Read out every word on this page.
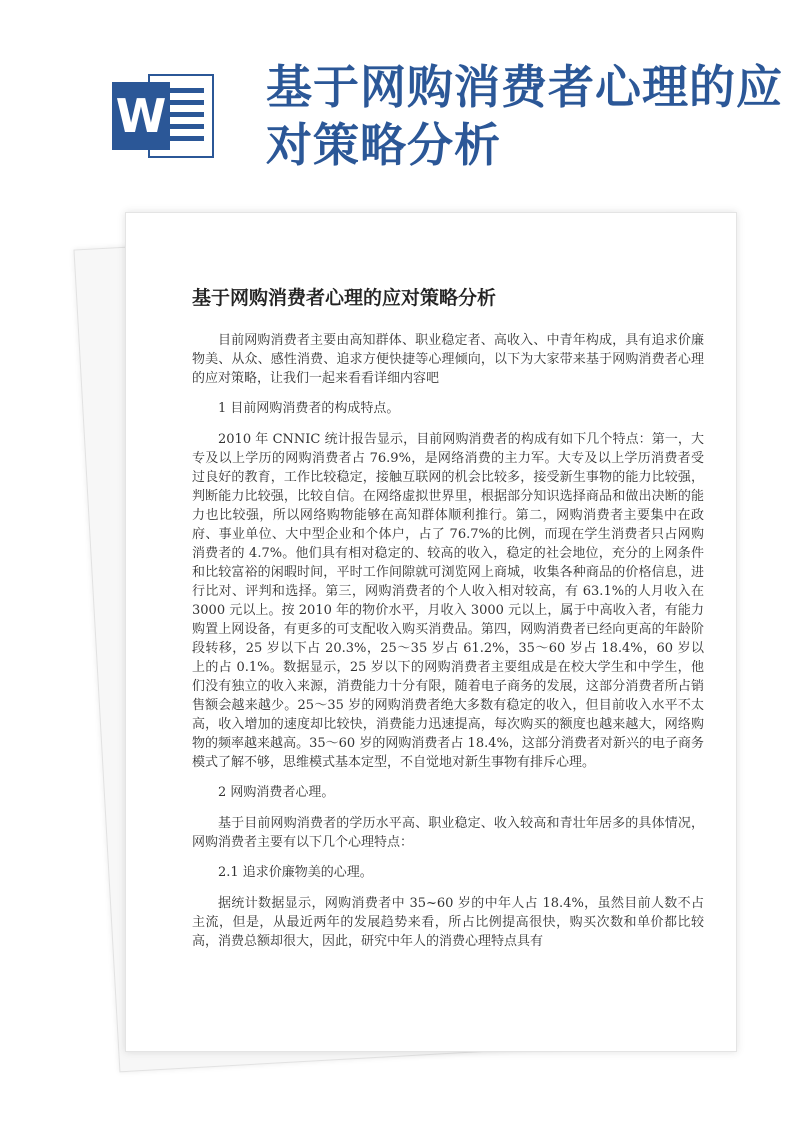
W
基于网购消费者心理的应对策略分析
基于网购消费者心理的应对策略分析

目前网购消费者主要由高知群体、职业稳定者、高收入、中青年构成，具有追求价廉物美、从众、感性消费、追求方便快捷等心理倾向，以下为大家带来基于网购消费者心理的应对策略，让我们一起来看看详细内容吧

1 目前网购消费者的构成特点。

2010 年 CNNIC 统计报告显示，目前网购消费者的构成有如下几个特点：第一，大专及以上学历的网购消费者占 76.9%，是网络消费的主力军。大专及以上学历消费者受过良好的教育，工作比较稳定，接触互联网的机会比较多，接受新生事物的能力比较强，判断能力比较强，比较自信。在网络虚拟世界里，根据部分知识选择商品和做出决断的能力也比较强，所以网络购物能够在高知群体顺利推行。第二，网购消费者主要集中在政府、事业单位、大中型企业和个体户，占了 76.7%的比例，而现在学生消费者只占网购消费者的 4.7%。他们具有相对稳定的、较高的收入，稳定的社会地位，充分的上网条件和比较富裕的闲暇时间，平时工作间隙就可浏览网上商城，收集各种商品的价格信息，进行比对、评判和选择。第三，网购消费者的个人收入相对较高，有 63.1%的人月收入在 3000 元以上。按 2010 年的物价水平，月收入 3000 元以上，属于中高收入者，有能力购置上网设备，有更多的可支配收入购买消费品。第四，网购消费者已经向更高的年龄阶段转移，25 岁以下占 20.3%，25～35 岁占 61.2%，35～60 岁占 18.4%，60 岁以上的占 0.1%。数据显示，25 岁以下的网购消费者主要组成是在校大学生和中学生，他们没有独立的收入来源，消费能力十分有限，随着电子商务的发展，这部分消费者所占销售额会越来越少。25～35 岁的网购消费者绝大多数有稳定的收入，但目前收入水平不太高，收入增加的速度却比较快，消费能力迅速提高，每次购买的额度也越来越大，网络购物的频率越来越高。35～60 岁的网购消费者占 18.4%，这部分消费者对新兴的电子商务模式了解不够，思维模式基本定型，不自觉地对新生事物有排斥心理。

2 网购消费者心理。

基于目前网购消费者的学历水平高、职业稳定、收入较高和青壮年居多的具体情况，网购消费者主要有以下几个心理特点：

2.1 追求价廉物美的心理。

据统计数据显示，网购消费者中 35~60 岁的中年人占 18.4%，虽然目前人数不占主流，但是，从最近两年的发展趋势来看，所占比例提高很快，购买次数和单价都比较高，消费总额却很大，因此，研究中年人的消费心理特点具有
